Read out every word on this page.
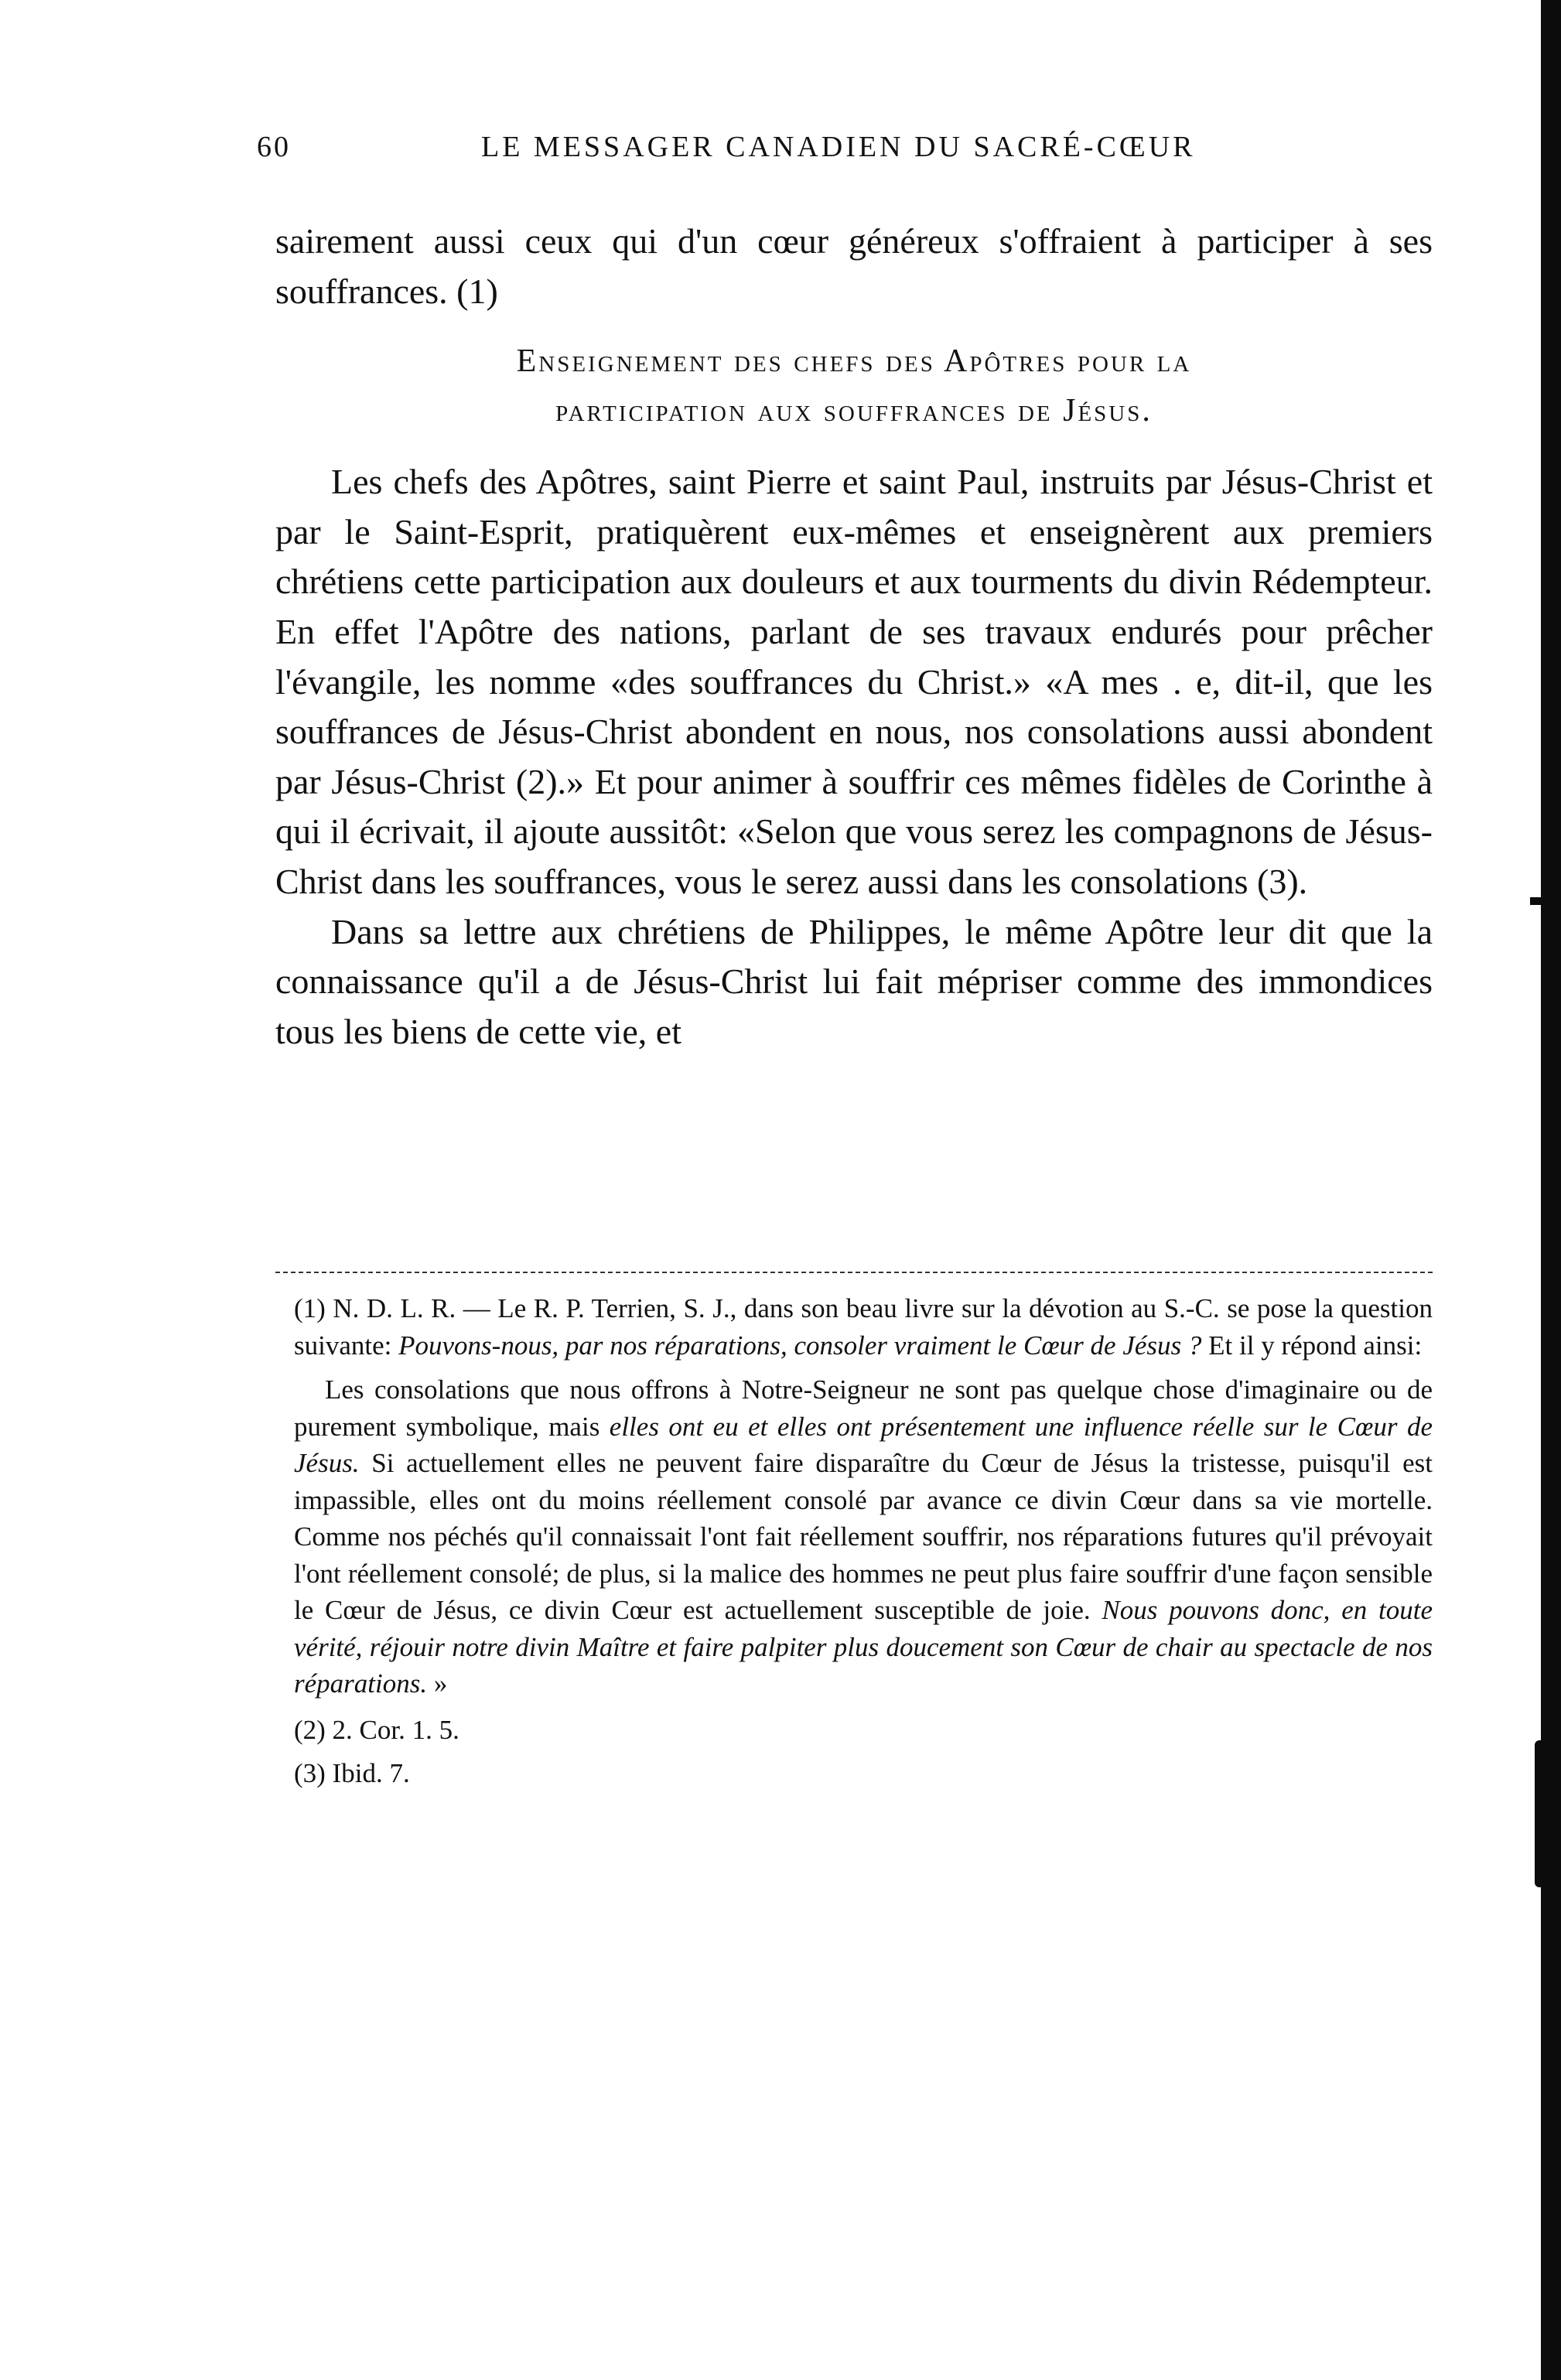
60	LE MESSAGER CANADIEN DU SACRÉ-CŒUR

sairement aussi ceux qui d'un cœur généreux s'offraient à participer à ses souffrances. (1)

Enseignement des chefs des Apôtres pour la
participation aux souffrances de Jésus.

Les chefs des Apôtres, saint Pierre et saint Paul, instruits par Jésus-Christ et par le Saint-Esprit, pratiquèrent eux-mêmes et enseignèrent aux premiers chrétiens cette participation aux douleurs et aux tourments du divin Rédempteur. En effet l'Apôtre des nations, parlant de ses travaux endurés pour prêcher l'évangile, les nomme «des souffrances du Christ.» «A mes . e, dit-il, que les souffrances de Jésus-Christ abondent en nous, nos consolations aussi abondent par Jésus-Christ (2).» Et pour animer à souffrir ces mêmes fidèles de Corinthe à qui il écrivait, il ajoute aussitôt: «Selon que vous serez les compagnons de Jésus-Christ dans les souffrances, vous le serez aussi dans les consolations (3).

Dans sa lettre aux chrétiens de Philippes, le même Apôtre leur dit que la connaissance qu'il a de Jésus-Christ lui fait mépriser comme des immondices tous les biens de cette vie, et

(1) N. D. L. R. — Le R. P. Terrien, S. J., dans son beau livre sur la dévotion au S.-C. se pose la question suivante: Pouvons-nous, par nos réparations, consoler vraiment le Cœur de Jésus ? Et il y répond ainsi:

Les consolations que nous offrons à Notre-Seigneur ne sont pas quelque chose d'imaginaire ou de purement symbolique, mais elles ont eu et elles ont présentement une influence réelle sur le Cœur de Jésus. Si actuellement elles ne peuvent faire disparaître du Cœur de Jésus la tristesse, puisqu'il est impassible, elles ont du moins réellement consolé par avance ce divin Cœur dans sa vie mortelle. Comme nos péchés qu'il connaissait l'ont fait réellement souffrir, nos réparations futures qu'il prévoyait l'ont réellement consolé; de plus, si la malice des hommes ne peut plus faire souffrir d'une façon sensible le Cœur de Jésus, ce divin Cœur est actuellement susceptible de joie. Nous pouvons donc, en toute vérité, réjouir notre divin Maître et faire palpiter plus doucement son Cœur de chair au spectacle de nos réparations. »

(2) 2. Cor. 1. 5.

(3) Ibid. 7.
